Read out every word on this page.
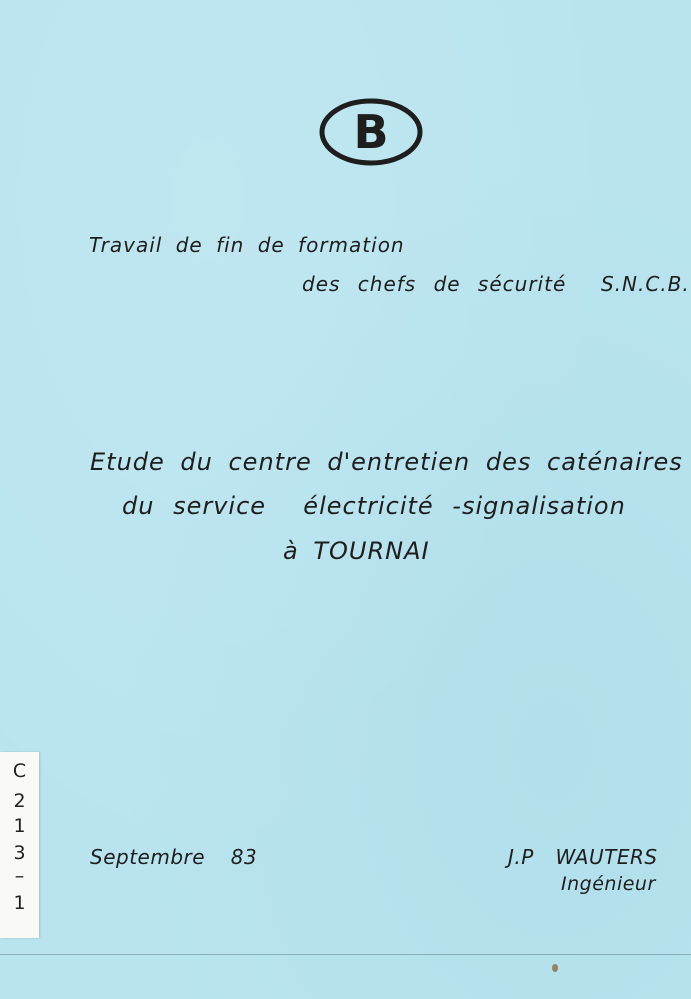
B
Travail de fin de formation
des chefs de sécurité  S.N.C.B.
Etude du centre d'entretien des caténaires
du service  électricité -signalisation
à TOURNAI
Septembre  83	J.P  WAUTERS
Ingénieur
C
2
1
3
–
1
